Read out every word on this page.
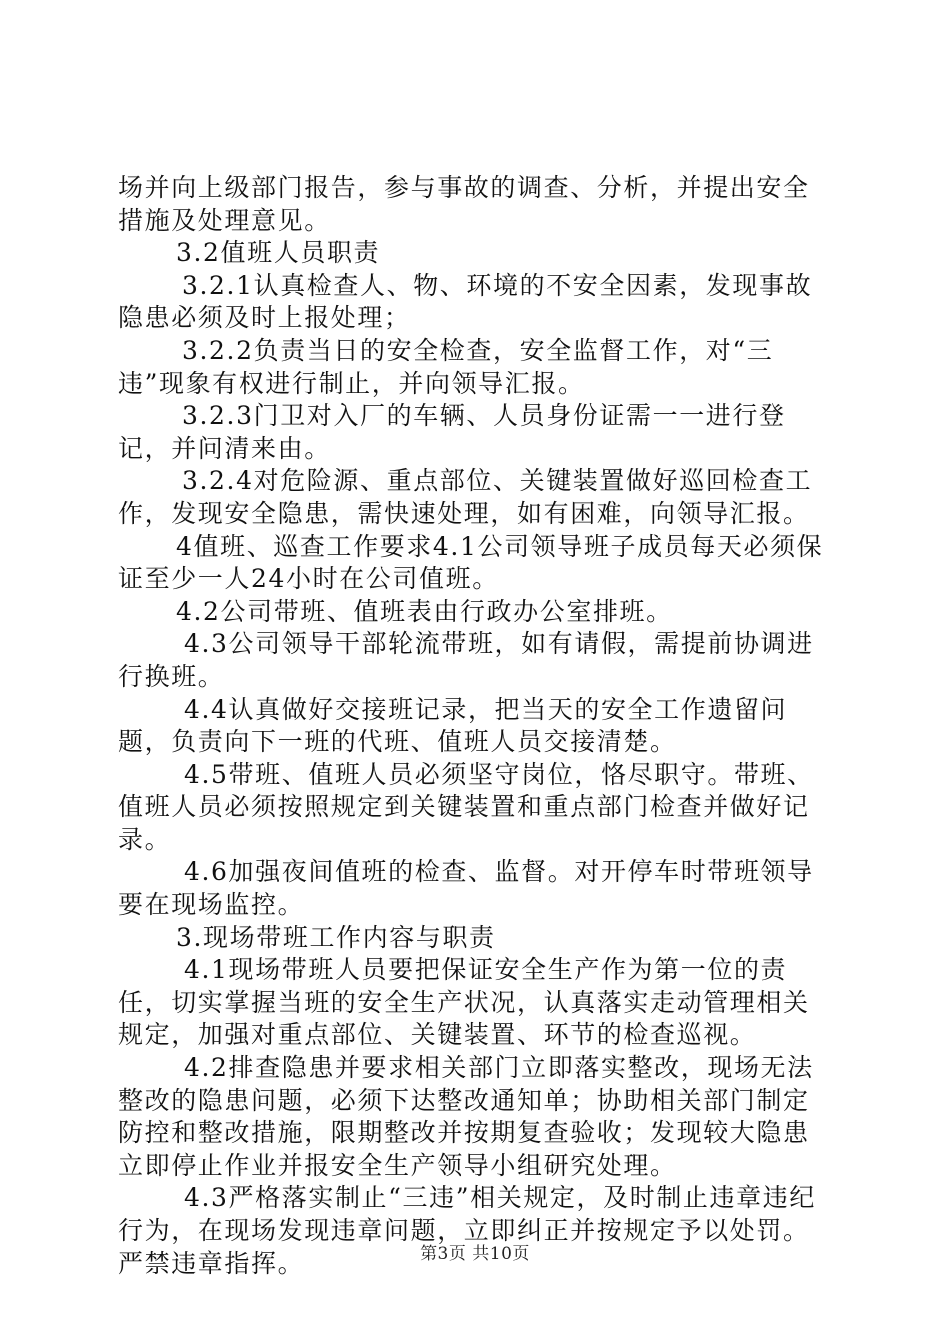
场并向上级部门报告，参与事故的调查、分析，并提出安全措施及处理意见。

3.2值班人员职责

3.2.1认真检查人、物、环境的不安全因素，发现事故隐患必须及时上报处理；

3.2.2负责当日的安全检查，安全监督工作，对“三违”现象有权进行制止，并向领导汇报。

3.2.3门卫对入厂的车辆、人员身份证需一一进行登记，并问清来由。

3.2.4对危险源、重点部位、关键装置做好巡回检查工作，发现安全隐患，需快速处理，如有困难，向领导汇报。

4值班、巡查工作要求4.1公司领导班子成员每天必须保证至少一人24小时在公司值班。

4.2公司带班、值班表由行政办公室排班。

4.3公司领导干部轮流带班，如有请假，需提前协调进行换班。

4.4认真做好交接班记录，把当天的安全工作遗留问题，负责向下一班的代班、值班人员交接清楚。

4.5带班、值班人员必须坚守岗位，恪尽职守。带班、值班人员必须按照规定到关键装置和重点部门检查并做好记录。

4.6加强夜间值班的检查、监督。对开停车时带班领导要在现场监控。

3.现场带班工作内容与职责

4.1现场带班人员要把保证安全生产作为第一位的责任，切实掌握当班的安全生产状况，认真落实走动管理相关规定，加强对重点部位、关键装置、环节的检查巡视。

4.2排查隐患并要求相关部门立即落实整改，现场无法整改的隐患问题，必须下达整改通知单；协助相关部门制定防控和整改措施，限期整改并按期复查验收；发现较大隐患立即停止作业并报安全生产领导小组研究处理。

4.3严格落实制止“三违”相关规定，及时制止违章违纪行为，在现场发现违章问题，立即纠正并按规定予以处罚。严禁违章指挥。	第3页 共10页
